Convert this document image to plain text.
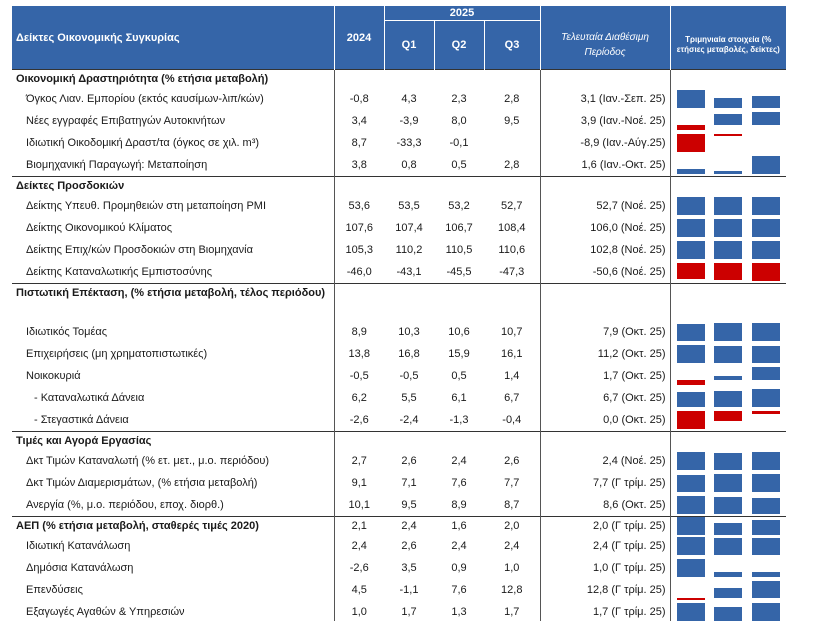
Δείκτες Οικονομικής Συγκυρίας	2024	2025				
		Q1	Q2	Q3	Τελευταία Διαθέσιμη Περίοδος	Τριμηνιαία στοιχεία (% ετήσιες μεταβολές, δείκτες)
Οικονομική Δραστηριότητα (% ετήσια μεταβολή)						
Όγκος Λιαν. Εμπορίου (εκτός καυσίμων-λιπ/κών)	-0,8	4,3	2,3	2,8	3,1 (Ιαν.-Σεπ. 25)	

Νέες εγγραφές Επιβατηγών Αυτοκινήτων	3,4	-3,9	8,0	9,5	3,9 (Ιαν.-Νοέ. 25)	

Ιδιωτική Οικοδομική Δραστ/τα (όγκος σε χιλ. m³)	8,7	-33,3	-0,1		-8,9 (Ιαν.-Αύγ.25)	

Βιομηχανική Παραγωγή: Μεταποίηση	3,8	0,8	0,5	2,8	1,6 (Ιαν.-Οκτ. 25)	

Δείκτες Προσδοκιών						
Δείκτης Υπευθ. Προμηθειών στη μεταποίηση PMI	53,6	53,5	53,2	52,7	52,7 (Νοέ. 25)	

Δείκτης Οικονομικού Κλίματος	107,6	107,4	106,7	108,4	106,0 (Νοέ. 25)	

Δείκτης Επιχ/κών Προσδοκιών στη Βιομηχανία	105,3	110,2	110,5	110,6	102,8 (Νοέ. 25)	

Δείκτης Καταναλωτικής Εμπιστοσύνης	-46,0	-43,1	-45,5	-47,3	-50,6 (Νοέ. 25)	

Πιστωτική Επέκταση, (% ετήσια μεταβολή, τέλος περιόδου)						
Ιδιωτικός Τομέας	8,9	10,3	10,6	10,7	7,9 (Οκτ. 25)	

Επιχειρήσεις (μη χρηματοπιστωτικές)	13,8	16,8	15,9	16,1	11,2 (Οκτ. 25)	

Νοικοκυριά	-0,5	-0,5	0,5	1,4	1,7 (Οκτ. 25)	

- Καταναλωτικά Δάνεια	6,2	5,5	6,1	6,7	6,7 (Οκτ. 25)	

- Στεγαστικά Δάνεια	-2,6	-2,4	-1,3	-0,4	0,0 (Οκτ. 25)	

Τιμές και Αγορά Εργασίας						
Δκτ Τιμών Καταναλωτή (% ετ. μετ., μ.ο. περιόδου)	2,7	2,6	2,4	2,6	2,4 (Νοέ. 25)	

Δκτ Τιμών Διαμερισμάτων, (% ετήσια μεταβολή)	9,1	7,1	7,6	7,7	7,7 (Γ τρίμ. 25)	

Ανεργία (%, μ.ο. περιόδου, εποχ. διορθ.)	10,1	9,5	8,9	8,7	8,6 (Οκτ. 25)	

ΑΕΠ (% ετήσια μεταβολή, σταθερές τιμές 2020)	2,1	2,4	1,6	2,0	2,0 (Γ τρίμ. 25)	

Ιδιωτική Κατανάλωση	2,4	2,6	2,4	2,4	2,4 (Γ τρίμ. 25)	

Δημόσια Κατανάλωση	-2,6	3,5	0,9	1,0	1,0 (Γ τρίμ. 25)	

Επενδύσεις	4,5	-1,1	7,6	12,8	12,8 (Γ τρίμ. 25)	

Εξαγωγές Αγαθών & Υπηρεσιών	1,0	1,7	1,3	1,7	1,7 (Γ τρίμ. 25)	
